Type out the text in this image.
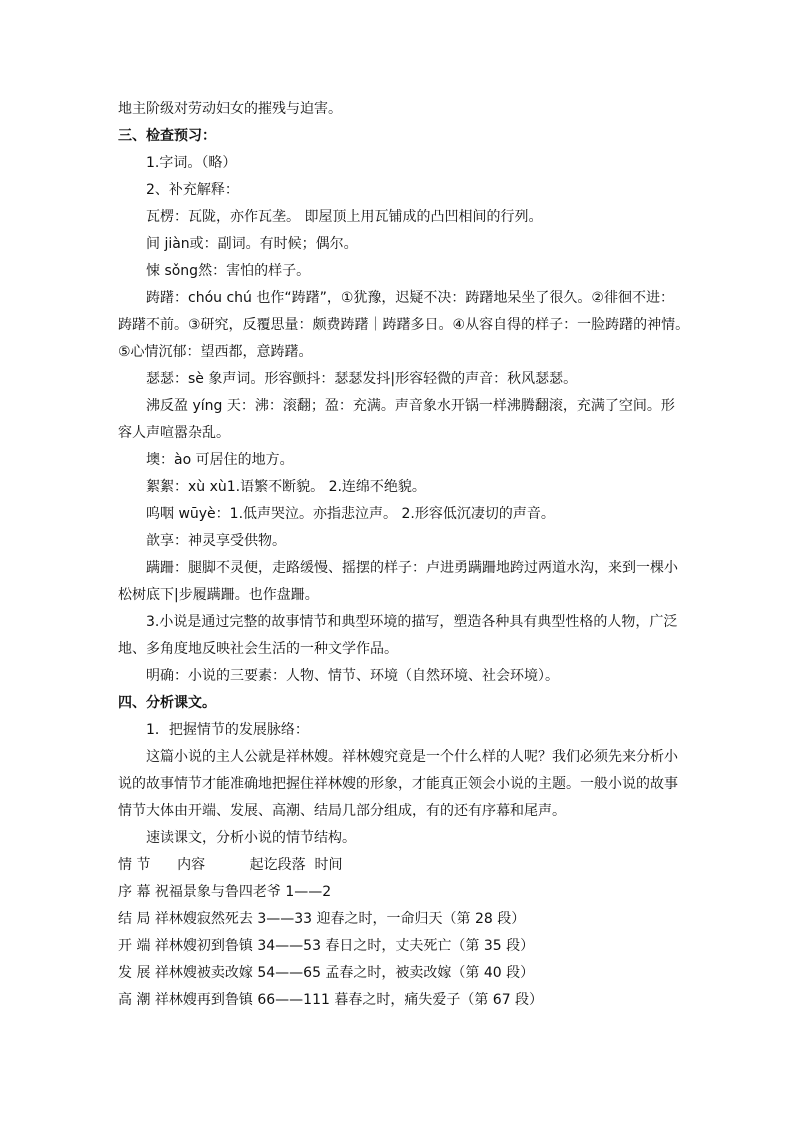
地主阶级对劳动妇女的摧残与迫害。

三、检查预习：

1.字词。（略）

2、补充解释：

瓦楞：瓦陇，亦作瓦垄。 即屋顶上用瓦铺成的凸凹相间的行列。

间 jiàn或：副词。有时候；偶尔。

悚 sǒng然：害怕的样子。

踌躇：chóu chú 也作“踌躇”，①犹豫，迟疑不决：踌躇地呆坐了很久。②徘徊不进：

踌躇不前。③研究，反覆思量：颇费踌躇｜踌躇多日。④从容自得的样子：一脸踌躇的神情。

⑤心情沉郁：望西都，意踌躇。

瑟瑟：sè 象声词。形容颤抖：瑟瑟发抖|形容轻微的声音：秋风瑟瑟。

沸反盈 yíng 天：沸：滚翻；盈：充满。声音象水开锅一样沸腾翻滚，充满了空间。形

容人声喧嚣杂乱。

墺：ào 可居住的地方。

絮絮：xù xù1.语繁不断貌。 2.连绵不绝貌。

呜咽 wūyè：1.低声哭泣。亦指悲泣声。 2.形容低沉凄切的声音。

歆享：神灵享受供物。

蹒跚：腿脚不灵便，走路缓慢、摇摆的样子：卢进勇蹒跚地跨过两道水沟，来到一棵小

松树底下|步履蹒跚。也作盘跚。

3.小说是通过完整的故事情节和典型环境的描写，塑造各种具有典型性格的人物，广泛

地、多角度地反映社会生活的一种文学作品。

明确：小说的三要素：人物、情节、环境（自然环境、社会环境）。

四、分析课文。

1．把握情节的发展脉络：

这篇小说的主人公就是祥林嫂。祥林嫂究竟是一个什么样的人呢？我们必须先来分析小

说的故事情节才能准确地把握住祥林嫂的形象，才能真正领会小说的主题。一般小说的故事

情节大体由开端、发展、高潮、结局几部分组成，有的还有序幕和尾声。

速读课文，分析小说的情节结构。

情 节      内容          起讫段落  时间

序 幕 祝福景象与鲁四老爷 1——2

结 局 祥林嫂寂然死去 3——33 迎春之时，一命归天（第 28 段）

开 端 祥林嫂初到鲁镇 34——53 春日之时，丈夫死亡（第 35 段）

发 展 祥林嫂被卖改嫁 54——65 孟春之时，被卖改嫁（第 40 段）

高 潮 祥林嫂再到鲁镇 66——111 暮春之时，痛失爱子（第 67 段）
